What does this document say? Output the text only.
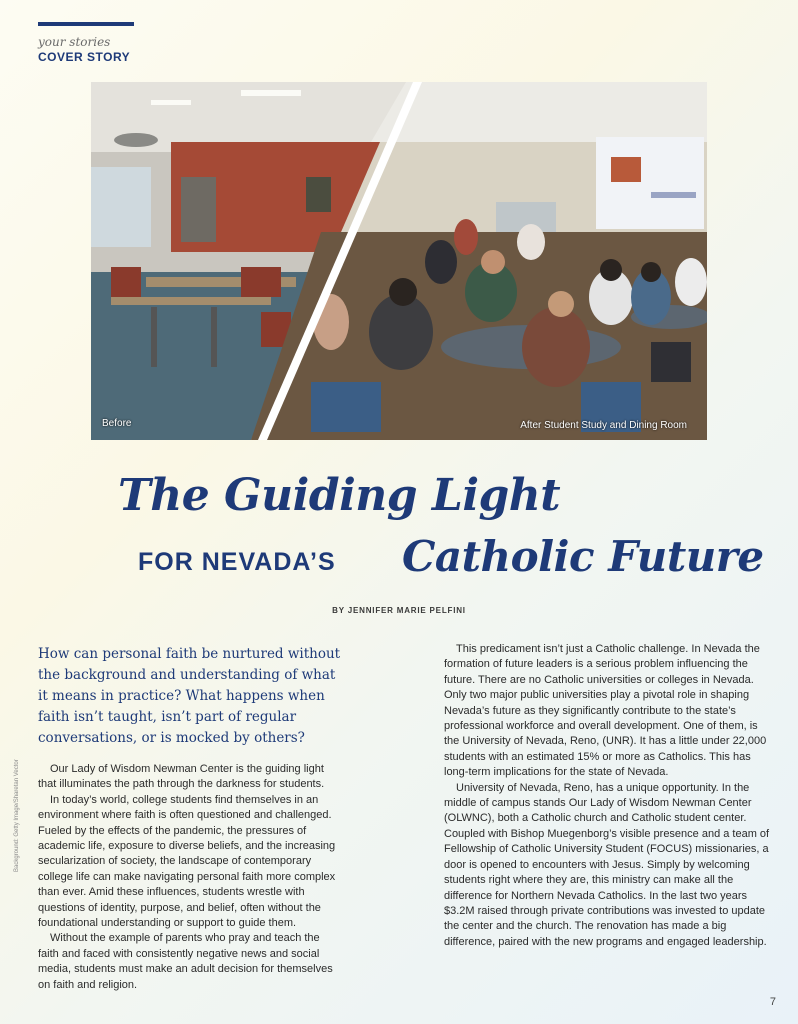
your stories
COVER STORY
Before	After Student Study and Dining Room
The Guiding Light
FOR NEVADA’S Catholic Future
BY JENNIFER MARIE PELFINI
How can personal faith be nurtured without the background and understanding of what it means in practice? What happens when faith isn’t taught, isn’t part of regular conversations, or is mocked by others?

Our Lady of Wisdom Newman Center is the guiding light that illuminates the path through the darkness for students.

In today’s world, college students find themselves in an environment where faith is often questioned and challenged. Fueled by the effects of the pandemic, the pressures of academic life, exposure to diverse beliefs, and the increasing secularization of society, the landscape of contemporary college life can make navigating personal faith more complex than ever. Amid these influences, students wrestle with questions of identity, purpose, and belief, often without the foundational understanding or support to guide them.

Without the example of parents who pray and teach the faith and faced with consistently negative news and social media, students must make an adult decision for themselves on faith and religion.

This predicament isn’t just a Catholic challenge. In Nevada the formation of future leaders is a serious problem influencing the future. There are no Catholic universities or colleges in Nevada. Only two major public universities play a pivotal role in shaping Nevada’s future as they significantly contribute to the state’s professional workforce and overall development. One of them, is the University of Nevada, Reno, (UNR). It has a little under 22,000 students with an estimated 15% or more as Catholics. This has long-term implications for the state of Nevada.

University of Nevada, Reno, has a unique opportunity. In the middle of campus stands Our Lady of Wisdom Newman Center (OLWNC), both a Catholic church and Catholic student center. Coupled with Bishop Muegenborg’s visible presence and a team of Fellowship of Catholic University Student (FOCUS) missionaries, a door is opened to encounters with Jesus. Simply by welcoming students right where they are, this ministry can make all the difference for Northern Nevada Catholics. In the last two years $3.2M raised through private contributions was invested to update the center and the church. The renovation has made a big difference, paired with the new programs and engaged leadership.

Background: Getty Image/Sharetan Vector
7
